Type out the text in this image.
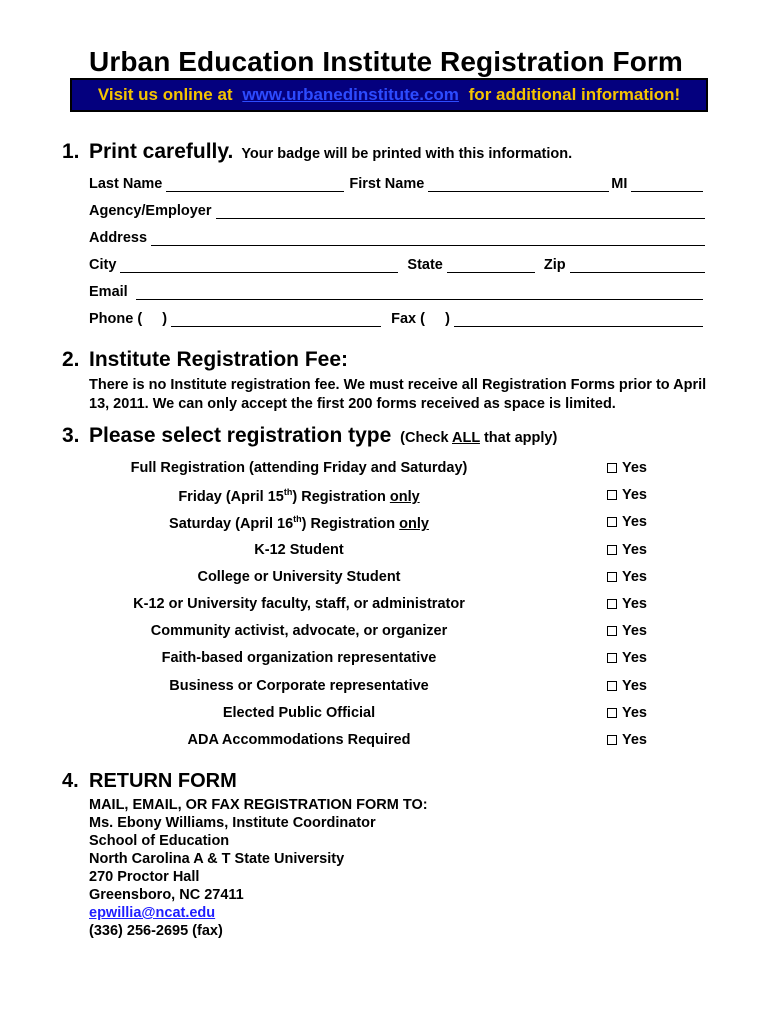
Urban Education Institute Registration Form
Visit us online at www.urbanedinstitute.com for additional information!
1. Print carefully. Your badge will be printed with this information.
Last Name	First Name	MI
Agency/Employer
Address
City	State	Zip
Email
Phone (     )	Fax (     )
2. Institute Registration Fee:
There is no Institute registration fee. We must receive all Registration Forms prior to April 13, 2011. We can only accept the first 200 forms received as space is limited.
3. Please select registration type (Check ALL that apply)
Full Registration (attending Friday and Saturday)	Yes
Friday (April 15th) Registration only	Yes
Saturday (April 16th) Registration only	Yes
K-12 Student	Yes
College or University Student	Yes
K-12 or University faculty, staff, or administrator	Yes
Community activist, advocate, or organizer	Yes
Faith-based organization representative	Yes
Business or Corporate representative	Yes
Elected Public Official	Yes
ADA Accommodations Required	Yes
4. RETURN FORM
MAIL, EMAIL, OR FAX REGISTRATION FORM TO:
Ms. Ebony Williams, Institute Coordinator
School of Education
North Carolina A & T State University
270 Proctor Hall
Greensboro, NC 27411
epwillia@ncat.edu
(336) 256-2695 (fax)
